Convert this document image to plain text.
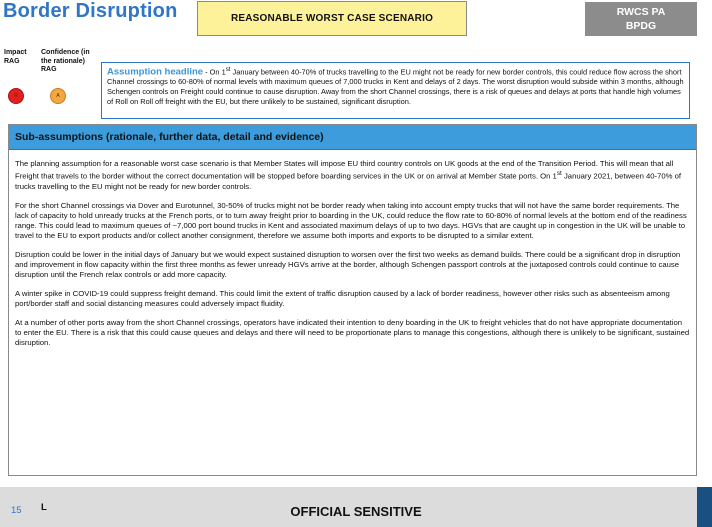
Border Disruption	REASONABLE WORST CASE SCENARIO
RWCS PA
BPDG
Impact RAG
Confidence (in the rationale) RAG
R	A
Assumption headline - On 1st January between 40-70% of trucks travelling to the EU might not be ready for new border controls, this could reduce flow across the short Channel crossings to 60-80% of normal levels with maximum queues of 7,000 trucks in Kent and delays of 2 days. The worst disruption would subside within 3 months, although Schengen controls on Freight could continue to cause disruption. Away from the short Channel crossings, there is a risk of queues and delays at ports that handle high volumes of Roll on Roll off freight with the EU, but there unlikely to be sustained, significant disruption.
Sub-assumptions (rationale, further data, detail and evidence)

The planning assumption for a reasonable worst case scenario is that Member States will impose EU third country controls on UK goods at the end of the Transition Period. This will mean that all Freight that travels to the border without the correct documentation will be stopped before boarding services in the UK or on arrival at Member State ports. On 1st January 2021, between 40-70% of trucks travelling to the EU might not be ready for new border controls.

For the short Channel crossings via Dover and Eurotunnel, 30-50% of trucks might not be border ready when taking into account empty trucks that will not have the same border requirements. The lack of capacity to hold unready trucks at the French ports, or to turn away freight prior to boarding in the UK, could reduce the flow rate to 60-80% of normal levels at the bottom end of the readiness range. This could lead to maximum queues of ~7,000 port bound trucks in Kent and associated maximum delays of up to two days. HGVs that are caught up in congestion in the UK will be unable to travel to the EU to export products and/or collect another consignment, therefore we assume both imports and exports to be disrupted to a similar extent.

Disruption could be lower in the initial days of January but we would expect sustained disruption to worsen over the first two weeks as demand builds. There could be a significant drop in disruption and improvement in flow capacity within the first three months as fewer unready HGVs arrive at the border, although Schengen passport controls at the juxtaposed controls could continue to cause disruption until the French relax controls or add more capacity.

A winter spike in COVID-19 could suppress freight demand. This could limit the extent of traffic disruption caused by a lack of border readiness, however other risks such as absenteeism among port/border staff and social distancing measures could adversely impact fluidity.

At a number of other ports away from the short Channel crossings, operators have indicated their intention to deny boarding in the UK to freight vehicles that do not have appropriate documentation to enter the EU. There is a risk that this could cause queues and delays and there will need to be proportionate plans to manage this congestions, although there is unlikely to be significant, sustained disruption.

OFFICIAL SENSITIVE
15 L
